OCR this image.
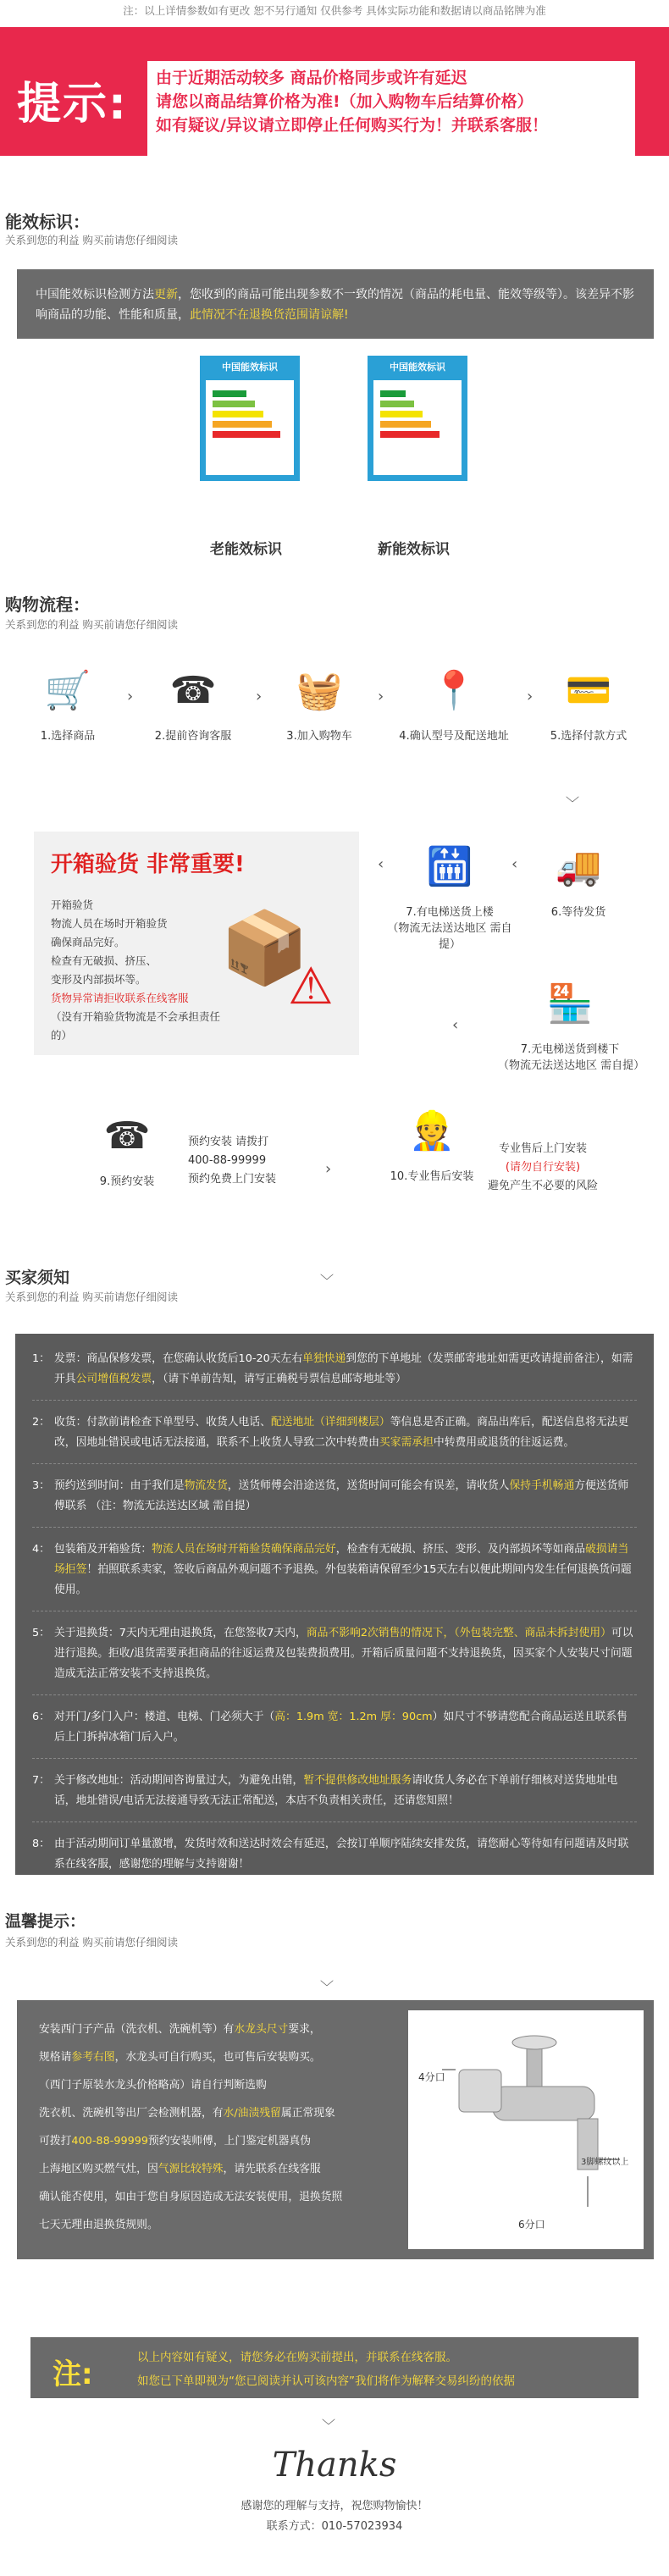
注：以上详情参数如有更改 恕不另行通知 仅供参考 具体实际功能和数据请以商品铭牌为准
提示:
由于近期活动较多 商品价格同步或许有延迟
请您以商品结算价格为准!（加入购物车后结算价格）
如有疑议/异议请立即停止任何购买行为！并联系客服！
能效标识：
关系到您的利益 购买前请您仔细阅读
中国能效标识检测方法更新，您收到的商品可能出现参数不一致的情况（商品的耗电量、能效等级等）。该差异不影响商品的功能、性能和质量，此情况不在退换货范围请谅解!
中国能效标识
老能效标识
中国能效标识
新能效标识
购物流程：
关系到您的利益 购买前请您仔细阅读
🛒
1.选择商品
› ☎
2.提前咨询客服
› 🧺
3.加入购物车
› 📍
4.确认型号及配送地址
› 💳
5.选择付款方式
﹀
开箱验货 非常重要!
开箱验货
物流人员在场时开箱验货
确保商品完好。
检查有无破损、挤压、
变形及内部损坏等。
货物异常请拒收联系在线客服
（没有开箱验货物流是不会承担责任的）
📦
⚠
‹ 🛗
7.有电梯送货上楼
（物流无法送达地区 需自提）
‹ 🚚
6.等待发货
‹ 🏪
7.无电梯送货到楼下
（物流无法送达地区 需自提）
☎
9.预约安装
预约安装 请拨打
400-88-99999
预约免费上门安装
›
👷
10.专业售后安装
专业售后上门安装
(请勿自行安装)
避免产生不必要的风险
买家须知
关系到您的利益 购买前请您仔细阅读
﹀
1： 发票：商品保修发票，在您确认收货后10-20天左右单独快递到您的下单地址（发票邮寄地址如需更改请提前备注），如需开具公司增值税发票，（请下单前告知，请写正确税号票信息邮寄地址等）
2： 收货：付款前请检查下单型号、收货人电话、配送地址（详细到楼层）等信息是否正确。商品出库后，配送信息将无法更改，因地址错误或电话无法接通，联系不上收货人导致二次中转费由买家需承担中转费用或退货的往返运费。
3： 预约送到时间：由于我们是物流发货，送货师傅会沿途送货，送货时间可能会有误差，请收货人保持手机畅通方便送货师傅联系 （注：物流无法送达区域 需自提）
4： 包装箱及开箱验货：物流人员在场时开箱验货确保商品完好，检查有无破损、挤压、变形、及内部损坏等如商品破损请当场拒签！拍照联系卖家，签收后商品外观问题不予退换。外包装箱请保留至少15天左右以便此期间内发生任何退换货问题使用。
5： 关于退换货：7天内无理由退换货，在您签收7天内，商品不影响2次销售的情况下，（外包装完整、商品未拆封使用）可以进行退换。拒收/退货需要承担商品的往返运费及包装费损费用。开箱后质量问题不支持退换货，因买家个人安装尺寸问题造成无法正常安装不支持退换货。
6： 对开门/多门入户：楼道、电梯、门必须大于（高：1.9m 宽：1.2m 厚：90cm）如尺寸不够请您配合商品运送且联系售后上门拆掉冰箱门后入户。
7： 关于修改地址：活动期间咨询量过大，为避免出错，暂不提供修改地址服务请收货人务必在下单前仔细核对送货地址电话，地址错误/电话无法接通导致无法正常配送，本店不负责相关责任，还请您知照！
8： 由于活动期间订单量激增，发货时效和送达时效会有延迟，会按订单顺序陆续安排发货，请您耐心等待如有问题请及时联系在线客服，感谢您的理解与支持谢谢！
温馨提示：
关系到您的利益 购买前请您仔细阅读
﹀
安装西门子产品（洗衣机、洗碗机等）有水龙头尺寸要求，
规格请参考右图，水龙头可自行购买，也可售后安装购买。
（西门子原装水龙头价格略高）请自行判断选购
洗衣机、洗碗机等出厂会检测机器，有水/油渍残留属正常现象
可拨打400-88-99999预约安装师傅，上门鉴定机器真伪
上海地区购买燃气灶，因气源比较特殊，请先联系在线客服
确认能否使用，如由于您自身原因造成无法安装使用，退换货照
七天无理由退换货规则。
4分口
3脚螺纹以上
6分口
注:	以上内容如有疑义，请您务必在购买前提出，并联系在线客服。
如您已下单即视为“您已阅读并认可该内容”我们将作为解释交易纠纷的依据
﹀
Thanks
感谢您的理解与支持，祝您购物愉快！
联系方式：010-57023934
